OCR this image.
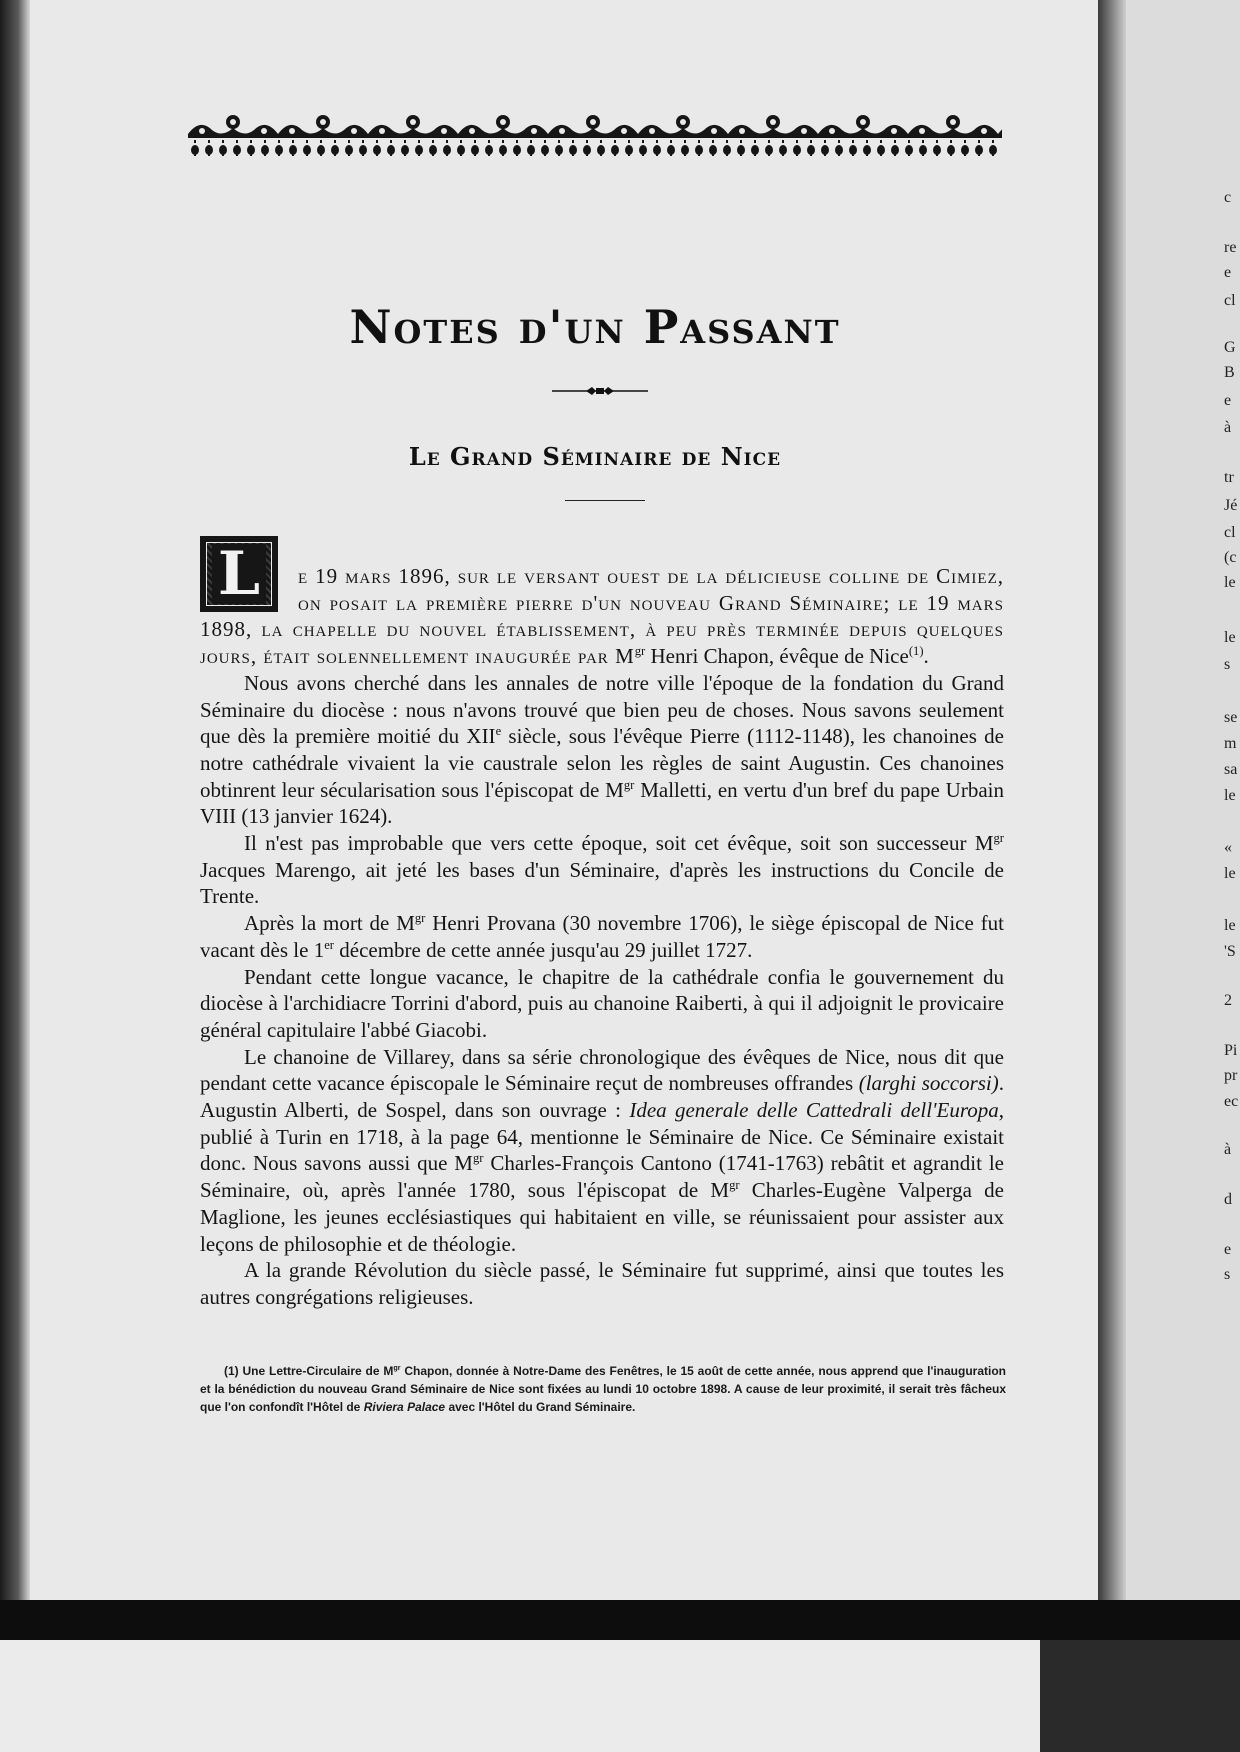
c
re
e
cl
G
B
e
à
tr
Jé
cl
(c
le
le
s
se
m
sa
le
«
le
le
'S
2
Pi
pr
ec
à
d
e
s
Notes d'un Passant
Le Grand Séminaire de Nice
L	e 19 mars 1896, sur le versant ouest de la délicieuse colline de Cimiez, on posait la première pierre d'un nouveau Grand Séminaire; le 19 mars 1898, la chapelle du nouvel établissement, à peu près terminée depuis quelques jours, était solennellement inaugurée par $M^{gr}$ Henri Chapon, évêque de Nice$^{(1)}$.

Nous avons cherché dans les annales de notre ville l'époque de la fondation du Grand Séminaire du diocèse : nous n'avons trouvé que bien peu de choses. Nous savons seulement que dès la première moitié du XIIe siècle, sous l'évêque Pierre (1112-1148), les chanoines de notre cathédrale vivaient la vie caustrale selon les règles de saint Augustin. Ces chanoines obtinrent leur sécularisation sous l'épiscopat de $M^{gr}$ Malletti, en vertu d'un bref du pape Urbain VIII (13 janvier 1624).

Il n'est pas improbable que vers cette époque, soit cet évêque, soit son successeur $M^{gr}$ Jacques Marengo, ait jeté les bases d'un Séminaire, d'après les instructions du Concile de Trente.

Après la mort de $M^{gr}$ Henri Provana (30 novembre 1706), le siège épiscopal de Nice fut vacant dès le 1er décembre de cette année jusqu'au 29 juillet 1727.

Pendant cette longue vacance, le chapitre de la cathédrale confia le gouvernement du diocèse à l'archidiacre Torrini d'abord, puis au chanoine Raiberti, à qui il adjoignit le provicaire général capitulaire l'abbé Giacobi.

Le chanoine de Villarey, dans sa série chronologique des évêques de Nice, nous dit que pendant cette vacance épiscopale le Séminaire reçut de nombreuses offrandes (larghi soccorsi). Augustin Alberti, de Sospel, dans son ouvrage : Idea generale delle Cattedrali dell'Europa, publié à Turin en 1718, à la page 64, mentionne le Séminaire de Nice. Ce Séminaire existait donc. Nous savons aussi que $M^{gr}$ Charles-François Cantono (1741-1763) rebâtit et agrandit le Séminaire, où, après l'année 1780, sous l'épiscopat de $M^{gr}$ Charles-Eugène Valperga de Maglione, les jeunes ecclésiastiques qui habitaient en ville, se réunissaient pour assister aux leçons de philosophie et de théologie.

A la grande Révolution du siècle passé, le Séminaire fut supprimé, ainsi que toutes les autres congrégations religieuses.

(1) Une Lettre-Circulaire de $M^{gr}$ Chapon, donnée à Notre-Dame des Fenêtres, le 15 août de cette année, nous apprend que l'inauguration et la bénédiction du nouveau Grand Séminaire de Nice sont fixées au lundi 10 octobre 1898. A cause de leur proximité, il serait très fâcheux que l'on confondît l'Hôtel de Riviera Palace avec l'Hôtel du Grand Séminaire.
